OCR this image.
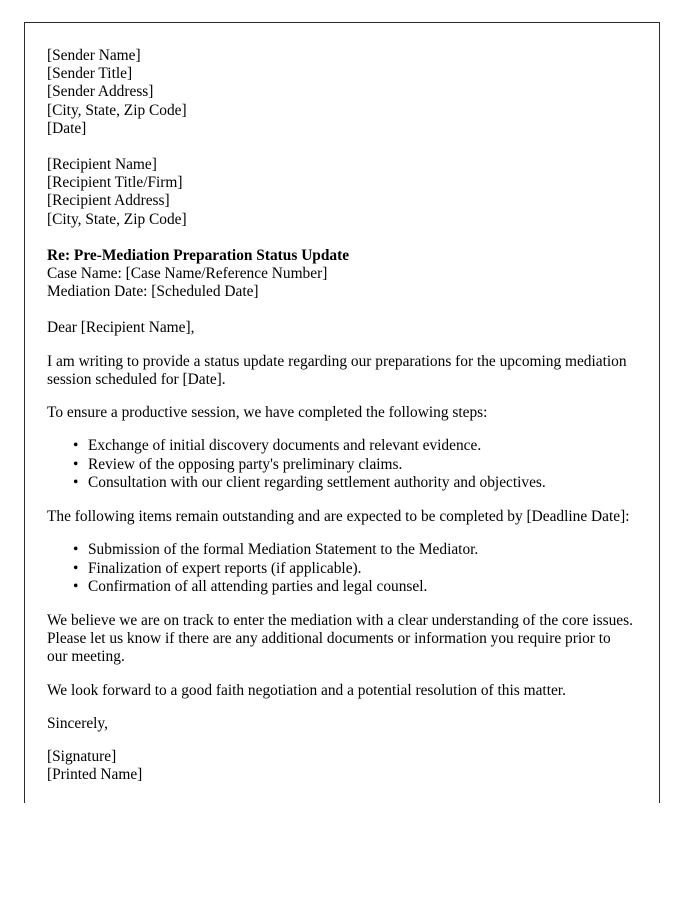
[Sender Name]
[Sender Title]
[Sender Address]
[City, State, Zip Code]
[Date]
[Recipient Name]
[Recipient Title/Firm]
[Recipient Address]
[City, State, Zip Code]
Re: Pre-Mediation Preparation Status Update
Case Name: [Case Name/Reference Number]
Mediation Date: [Scheduled Date]

Dear [Recipient Name],

I am writing to provide a status update regarding our preparations for the upcoming mediation session scheduled for [Date].

To ensure a productive session, we have completed the following steps:

• Exchange of initial discovery documents and relevant evidence.
• Review of the opposing party's preliminary claims.
• Consultation with our client regarding settlement authority and objectives.

The following items remain outstanding and are expected to be completed by [Deadline Date]:

• Submission of the formal Mediation Statement to the Mediator.
• Finalization of expert reports (if applicable).
• Confirmation of all attending parties and legal counsel.

We believe we are on track to enter the mediation with a clear understanding of the core issues. Please let us know if there are any additional documents or information you require prior to our meeting.

We look forward to a good faith negotiation and a potential resolution of this matter.

Sincerely,

[Signature]
[Printed Name]
